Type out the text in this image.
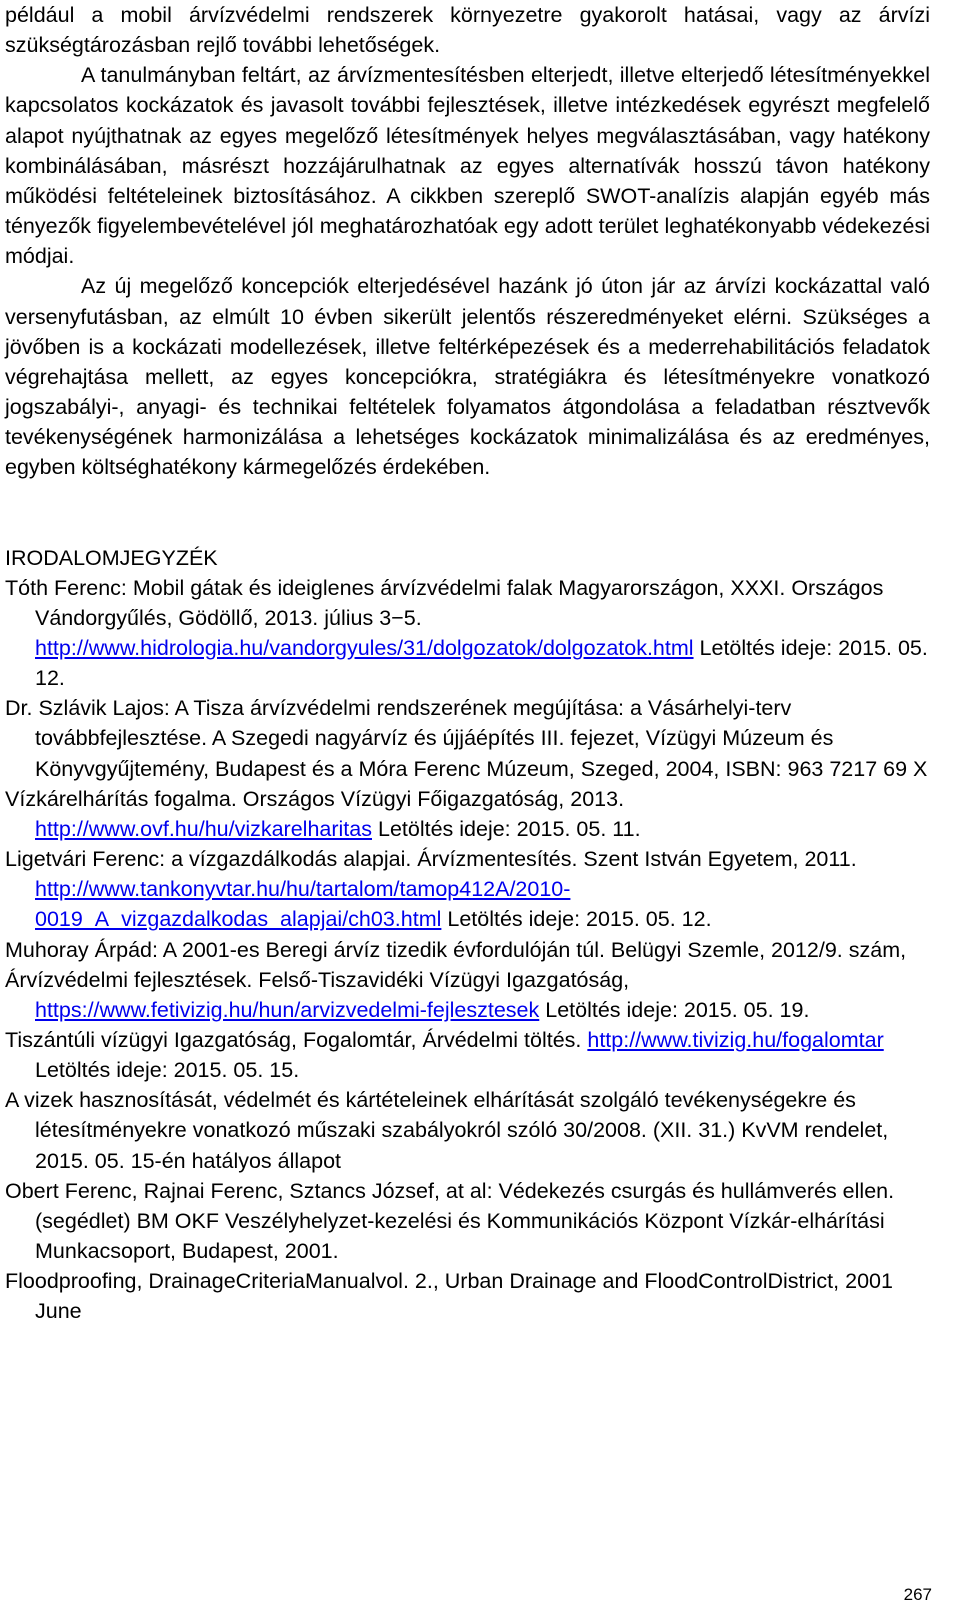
például a mobil árvízvédelmi rendszerek környezetre gyakorolt hatásai, vagy az árvízi szükségtározásban rejlő további lehetőségek.

A tanulmányban feltárt, az árvízmentesítésben elterjedt, illetve elterjedő létesítményekkel kapcsolatos kockázatok és javasolt további fejlesztések, illetve intézkedések egyrészt megfelelő alapot nyújthatnak az egyes megelőző létesítmények helyes megválasztásában, vagy hatékony kombinálásában, másrészt hozzájárulhatnak az egyes alternatívák hosszú távon hatékony működési feltételeinek biztosításához. A cikkben szereplő SWOT-analízis alapján egyéb más tényezők figyelembevételével jól meghatározhatóak egy adott terület leghatékonyabb védekezési módjai.

Az új megelőző koncepciók elterjedésével hazánk jó úton jár az árvízi kockázattal való versenyfutásban, az elmúlt 10 évben sikerült jelentős részeredményeket elérni. Szükséges a jövőben is a kockázati modellezések, illetve feltérképezések és a mederrehabilitációs feladatok végrehajtása mellett, az egyes koncepciókra, stratégiákra és létesítményekre vonatkozó jogszabályi-, anyagi- és technikai feltételek folyamatos átgondolása a feladatban résztvevők tevékenységének harmonizálása a lehetséges kockázatok minimalizálása és az eredményes, egyben költséghatékony kármegelőzés érdekében.

IRODALOMJEGYZÉK

Tóth Ferenc: Mobil gátak és ideiglenes árvízvédelmi falak Magyarországon, XXXI. Országos Vándorgyűlés, Gödöllő, 2013. július 3−5. http://www.hidrologia.hu/vandorgyules/31/dolgozatok/dolgozatok.html Letöltés ideje: 2015. 05. 12.

Dr. Szlávik Lajos: A Tisza árvízvédelmi rendszerének megújítása: a Vásárhelyi-terv továbbfejlesztése. A Szegedi nagyárvíz és újjáépítés III. fejezet, Vízügyi Múzeum és Könyvgyűjtemény, Budapest és a Móra Ferenc Múzeum, Szeged, 2004, ISBN: 963 7217 69 X

Vízkárelhárítás fogalma. Országos Vízügyi Főigazgatóság, 2013. http://www.ovf.hu/hu/vizkarelharitas Letöltés ideje: 2015. 05. 11.

Ligetvári Ferenc: a vízgazdálkodás alapjai. Árvízmentesítés. Szent István Egyetem, 2011. http://www.tankonyvtar.hu/hu/tartalom/tamop412A/2010-0019_A_vizgazdalkodas_alapjai/ch03.html Letöltés ideje: 2015. 05. 12.

Muhoray Árpád: A 2001-es Beregi árvíz tizedik évfordulóján túl. Belügyi Szemle, 2012/9. szám,

Árvízvédelmi fejlesztések. Felső-Tiszavidéki Vízügyi Igazgatóság, https://www.fetivizig.hu/hun/arvizvedelmi-fejlesztesek Letöltés ideje: 2015. 05. 19.

Tiszántúli vízügyi Igazgatóság, Fogalomtár, Árvédelmi töltés. http://www.tivizig.hu/fogalomtar Letöltés ideje: 2015. 05. 15.

A vizek hasznosítását, védelmét és kártételeinek elhárítását szolgáló tevékenységekre és létesítményekre vonatkozó műszaki szabályokról szóló 30/2008. (XII. 31.) KvVM rendelet, 2015. 05. 15-én hatályos állapot

Obert Ferenc, Rajnai Ferenc, Sztancs József, at al: Védekezés csurgás és hullámverés ellen. (segédlet) BM OKF Veszélyhelyzet-kezelési és Kommunikációs Központ Vízkár-elhárítási Munkacsoport, Budapest, 2001.

Floodproofing, DrainageCriteriaManualvol. 2., Urban Drainage and FloodControlDistrict, 2001 June

267
